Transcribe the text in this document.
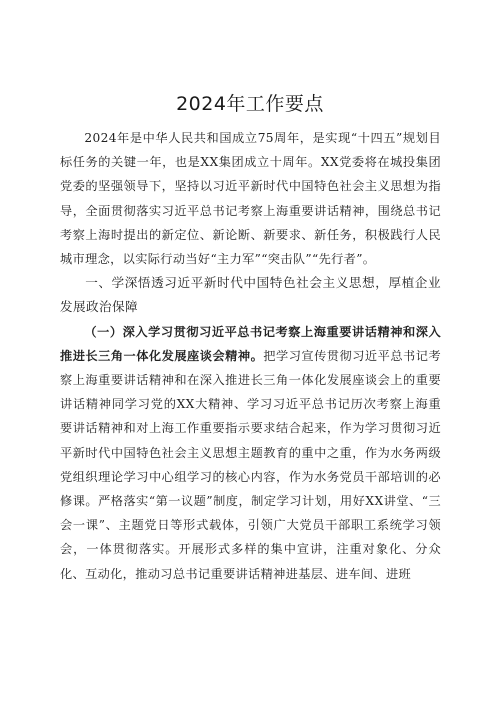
2024年工作要点

2024年是中华人民共和国成立75周年，是实现“十四五”规划目标任务的关键一年，也是XX集团成立十周年。XX党委将在城投集团党委的坚强领导下，坚持以习近平新时代中国特色社会主义思想为指导，全面贯彻落实习近平总书记考察上海重要讲话精神，围绕总书记考察上海时提出的新定位、新论断、新要求、新任务，积极践行人民城市理念，以实际行动当好“主力军”“突击队”“先行者”。

一、学深悟透习近平新时代中国特色社会主义思想，厚植企业发展政治保障

（一）深入学习贯彻习近平总书记考察上海重要讲话精神和深入推进长三角一体化发展座谈会精神。把学习宣传贯彻习近平总书记考察上海重要讲话精神和在深入推进长三角一体化发展座谈会上的重要讲话精神同学习党的XX大精神、学习习近平总书记历次考察上海重要讲话精神和对上海工作重要指示要求结合起来，作为学习贯彻习近平新时代中国特色社会主义思想主题教育的重中之重，作为水务两级党组织理论学习中心组学习的核心内容，作为水务党员干部培训的必修课。严格落实“第一议题”制度，制定学习计划，用好XX讲堂、“三会一课”、主题党日等形式载体，引领广大党员干部职工系统学习领会，一体贯彻落实。开展形式多样的集中宣讲，注重对象化、分众化、互动化，推动习总书记重要讲话精神进基层、进车间、进班
